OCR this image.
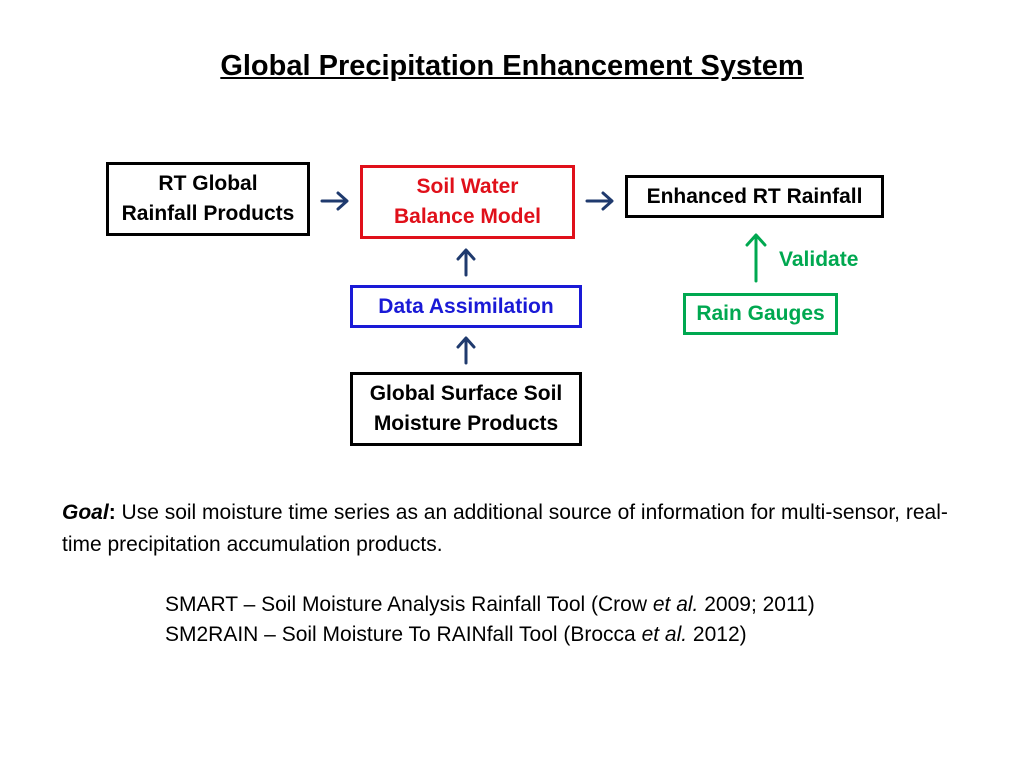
Global Precipitation Enhancement System
RT Global
Rainfall Products
Soil Water
Balance Model
Enhanced RT Rainfall
Data Assimilation	Rain Gauges
Global Surface Soil
Moisture Products
Validate
Goal: Use soil moisture time series as an additional source of information for multi-sensor, real-time precipitation accumulation products.
SMART – Soil Moisture Analysis Rainfall Tool (Crow et al. 2009; 2011)
SM2RAIN – Soil Moisture To RAINfall Tool (Brocca et al. 2012)
